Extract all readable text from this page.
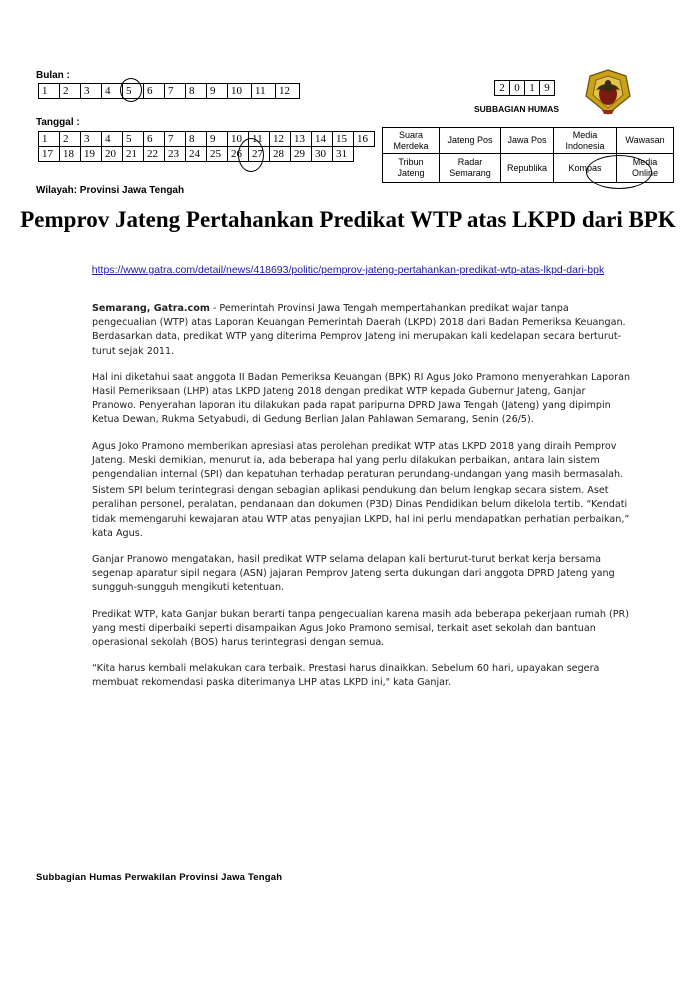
Bulan :
1	2	3	4	5	6	7	8	9	10	11	12
Tanggal :
1	2	3	4	5	6	7	8	9	10	11	12	13	14	15	16
17	18	19	20	21	22	23	24	25	26	27	28	29	30	31	
2	0	1	9
SUBBAGIAN HUMAS
Suara Merdeka	Jateng Pos	Jawa Pos	Media Indonesia	Wawasan
Tribun Jateng	Radar Semarang	Republika	Kompas	Media Online
Wilayah: Provinsi Jawa Tengah
Pemprov Jateng Pertahankan Predikat WTP atas LKPD dari BPK
https://www.gatra.com/detail/news/418693/politic/pemprov-jateng-pertahankan-predikat-wtp-atas-lkpd-dari-bpk

Semarang, Gatra.com - Pemerintah Provinsi Jawa Tengah mempertahankan predikat wajar tanpa pengecualian (WTP) atas Laporan Keuangan Pemerintah Daerah (LKPD) 2018 dari Badan Pemeriksa Keuangan. Berdasarkan data, predikat WTP yang diterima Pemprov Jateng ini merupakan kali kedelapan secara berturut-turut sejak 2011.

Hal ini diketahui saat anggota II Badan Pemeriksa Keuangan (BPK) RI Agus Joko Pramono menyerahkan Laporan Hasil Pemeriksaan (LHP) atas LKPD Jateng 2018 dengan predikat WTP kepada Gubernur Jateng, Ganjar Pranowo. Penyerahan laporan itu dilakukan pada rapat paripurna DPRD Jawa Tengah (Jateng) yang dipimpin Ketua Dewan, Rukma Setyabudi, di Gedung Berlian Jalan Pahlawan Semarang, Senin (26/5).

Agus Joko Pramono memberikan apresiasi atas perolehan predikat WTP atas LKPD 2018 yang diraih Pemprov Jateng. Meski demikian, menurut ia, ada beberapa hal yang perlu dilakukan perbaikan, antara lain sistem pengendalian internal (SPI) dan kepatuhan terhadap peraturan perundang-undangan yang masih bermasalah.

Sistem SPI belum terintegrasi dengan sebagian aplikasi pendukung dan belum lengkap secara sistem. Aset peralihan personel, peralatan, pendanaan dan dokumen (P3D) Dinas Pendidikan belum dikelola tertib. “Kendati tidak memengaruhi kewajaran atau WTP atas penyajian LKPD, hal ini perlu mendapatkan perhatian perbaikan,” kata Agus.

Ganjar Pranowo mengatakan, hasil predikat WTP selama delapan kali berturut-turut berkat kerja bersama segenap aparatur sipil negara (ASN) jajaran Pemprov Jateng serta dukungan dari anggota DPRD Jateng yang sungguh-sungguh mengikuti ketentuan.

Predikat WTP, kata Ganjar bukan berarti tanpa pengecualian karena masih ada beberapa pekerjaan rumah (PR) yang mesti diperbaiki seperti disampaikan Agus Joko Pramono semisal, terkait aset sekolah dan bantuan operasional sekolah (BOS) harus terintegrasi dengan semua.

“Kita harus kembali melakukan cara terbaik. Prestasi harus dinaikkan. Sebelum 60 hari, upayakan segera membuat rekomendasi paska diterimanya LHP atas LKPD ini," kata Ganjar.

Subbagian Humas Perwakilan Provinsi Jawa Tengah
